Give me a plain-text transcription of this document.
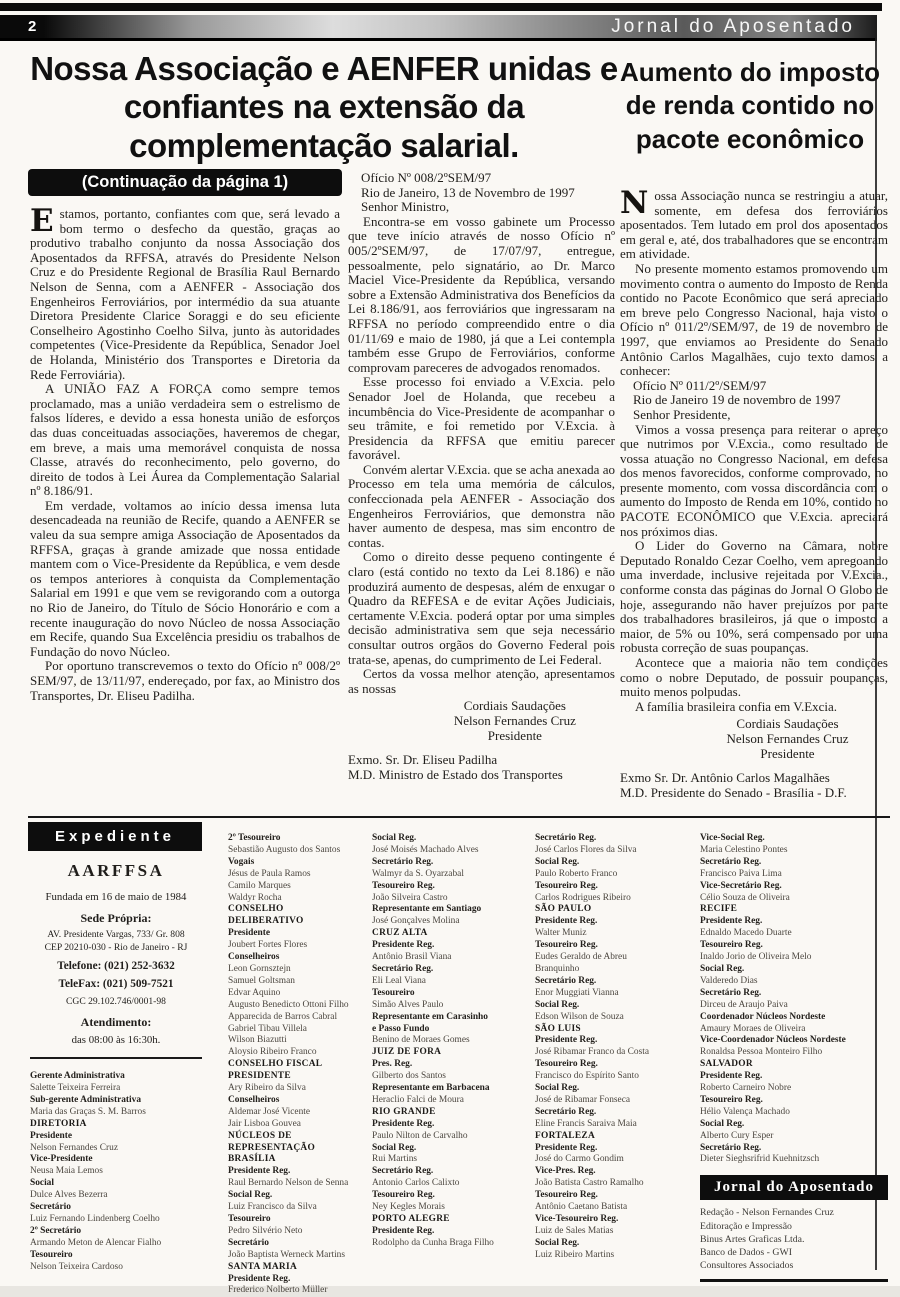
2	Jornal do Aposentado
Nossa Associação e AENFER unidas e confiantes na extensão da complementação salarial.
Aumento do imposto de renda contido no pacote econômico
(Continuação da página 1)

Estamos, portanto, confiantes com que, será levado a bom termo o desfecho da questão, graças ao produtivo trabalho conjunto da nossa Associação dos Aposentados da RFFSA, através do Presidente Nelson Cruz e do Presidente Regional de Brasília Raul Bernardo Nelson de Senna, com a AENFER - Associação dos Engenheiros Ferroviários, por intermédio da sua atuante Diretora Presidente Clarice Soraggi e do seu eficiente Conselheiro Agostinho Coelho Silva, junto às autoridades competentes (Vice-Presidente da República, Senador Joel de Holanda, Ministério dos Transportes e Diretoria da Rede Ferroviária).

A UNIÃO FAZ A FORÇA como sempre temos proclamado, mas a união verdadeira sem o estrelismo de falsos líderes, e devido a essa honesta união de esforços das duas conceituadas associações, haveremos de chegar, em breve, a mais uma memorável conquista de nossa Classe, através do reconhecimento, pelo governo, do direito de todos à Lei Áurea da Complementação Salarial nº 8.186/91.

Em verdade, voltamos ao início dessa imensa luta desencadeada na reunião de Recife, quando a AENFER se valeu da sua sempre amiga Associação de Aposentados da RFFSA, graças à grande amizade que nossa entidade mantem com o Vice-Presidente da República, e vem desde os tempos anteriores à conquista da Complementação Salarial em 1991 e que vem se revigorando com a outorga no Rio de Janeiro, do Título de Sócio Honorário e com a recente inauguração do novo Núcleo de nossa Associação em Recife, quando Sua Excelência presidiu os trabalhos de Fundação do novo Núcleo.

Por oportuno transcrevemos o texto do Ofício nº 008/2º SEM/97, de 13/11/97, endereçado, por fax, ao Ministro dos Transportes, Dr. Eliseu Padilha.

Ofício Nº 008/2ºSEM/97

Rio de Janeiro, 13 de Novembro de 1997

Senhor Ministro,

Encontra-se em vosso gabinete um Processo que teve início através de nosso Ofício nº 005/2ºSEM/97, de 17/07/97, entregue, pessoalmente, pelo signatário, ao Dr. Marco Maciel Vice-Presidente da República, versando sobre a Extensão Administrativa dos Benefícios da Lei 8.186/91, aos ferroviários que ingressaram na RFFSA no período compreendido entre o dia 01/11/69 e maio de 1980, já que a Lei contempla também esse Grupo de Ferroviários, conforme comprovam pareceres de advogados renomados.

Esse processo foi enviado a V.Excia. pelo Senador Joel de Holanda, que recebeu a incumbência do Vice-Presidente de acompanhar o seu trâmite, e foi remetido por V.Excia. à Presidencia da RFFSA que emitiu parecer favorável.

Convém alertar V.Excia. que se acha anexada ao Processo em tela uma memória de cálculos, confeccionada pela AENFER - Associação dos Engenheiros Ferroviários, que demonstra não haver aumento de despesa, mas sim encontro de contas.

Como o direito desse pequeno contingente é claro (está contido no texto da Lei 8.186) e não produzirá aumento de despesas, além de enxugar o Quadro da REFESA e de evitar Ações Judiciais, certamente V.Excia. poderá optar por uma simples decisão administrativa sem que seja necessário consultar outros orgãos do Governo Federal pois trata-se, apenas, do cumprimento de Lei Federal.

Certos da vossa melhor atenção, apresentamos as nossas

Cordiais Saudações

Nelson Fernandes Cruz

Presidente

Exmo. Sr. Dr. Eliseu Padilha

M.D. Ministro de Estado dos Transportes

Nossa Associação nunca se restringiu a atuar, somente, em defesa dos ferroviários aposentados. Tem lutado em prol dos aposentados em geral e, até, dos trabalhadores que se encontram em atividade.

No presente momento estamos promovendo um movimento contra o aumento do Imposto de Renda contido no Pacote Econômico que será apreciado em breve pelo Congresso Nacional, haja visto o Ofício nº 011/2º/SEM/97, de 19 de novembro de 1997, que enviamos ao Presidente do Senado Antônio Carlos Magalhães, cujo texto damos a conhecer:

Ofício Nº 011/2º/SEM/97

Rio de Janeiro 19 de novembro de 1997

Senhor Presidente,

Vimos a vossa presença para reiterar o apreço que nutrimos por V.Excia., como resultado de vossa atuação no Congresso Nacional, em defesa dos menos favorecidos, conforme comprovado, no presente momento, com vossa discordância com o aumento do Imposto de Renda em 10%, contido no PACOTE ECONÔMICO que V.Excia. apreciará nos próximos dias.

O Lider do Governo na Câmara, nobre Deputado Ronaldo Cezar Coelho, vem apregoando uma inverdade, inclusive rejeitada por V.Excia., conforme consta das páginas do Jornal O Globo de hoje, assegurando não haver prejuízos por parte dos trabalhadores brasileiros, já que o imposto a maior, de 5% ou 10%, será compensado por uma robusta correção de suas poupanças.

Acontece que a maioria não tem condições como o nobre Deputado, de possuir poupanças, muito menos polpudas.

A família brasileira confia em V.Excia.

Cordiais Saudações

Nelson Fernandes Cruz

Presidente

Exmo Sr. Dr. Antônio Carlos Magalhães

M.D. Presidente do Senado - Brasília - D.F.

Expediente
AARFFSA
Fundada em 16 de maio de 1984
Sede Própria:
AV. Presidente Vargas, 733/ Gr. 808
CEP 20210-030 - Rio de Janeiro - RJ
Telefone: (021) 252-3632
TeleFax: (021) 509-7521
CGC 29.102.746/0001-98
Atendimento:
das 08:00 às 16:30h.
Gerente Administrativa
Salette Teixeira Ferreira
Sub-gerente Administrativa
Maria das Graças S. M. Barros
DIRETORIA
Presidente
Nelson Fernandes Cruz
Vice-Presidente
Neusa Maia Lemos
Social
Dulce Alves Bezerra
Secretário
Luiz Fernando Lindenberg Coelho
2º Secretário
Armando Meton de Alencar Fialho
Tesoureiro
Nelson Teixeira Cardoso
2º Tesoureiro
Sebastião Augusto dos Santos
Vogais
Jésus de Paula Ramos
Camilo Marques
Waldyr Rocha
CONSELHO
DELIBERATIVO
Presidente
Joubert Fortes Flores
Conselheiros
Leon Gornsztejn
Samuel Goltsman
Edvar Aquino
Augusto Benedicto Ottoni Filho
Apparecida de Barros Cabral
Gabriel Tibau Villela
Wilson Biazutti
Aloysio Ribeiro Franco
CONSELHO FISCAL
PRESIDENTE
Ary Ribeiro da Silva
Conselheiros
Aldemar José Vicente
Jair Lisboa Gouvea
NÚCLEOS DE
REPRESENTAÇÃO
BRASÍLIA
Presidente Reg.
Raul Bernardo Nelson de Senna
Social Reg.
Luiz Francisco da Silva
Tesoureiro
Pedro Silvério Neto
Secretário
João Baptista Werneck Martins
SANTA MARIA
Presidente Reg.
Frederico Nolberto Müller
Social Reg.
José Moisés Machado Alves
Secretário Reg.
Walmyr da S. Oyarzabal
Tesoureiro Reg.
João Silveira Castro
Representante em Santiago
José Gonçalves Molina
CRUZ ALTA
Presidente Reg.
Antônio Brasil Viana
Secretário Reg.
Eli Leal Viana
Tesoureiro
Simão Alves Paulo
Representante em Carasinho
e Passo Fundo
Benino de Moraes Gomes
JUIZ DE FORA
Pres. Reg.
Gilberto dos Santos
Representante em Barbacena
Heraclio Falci de Moura
RIO GRANDE
Presidente Reg.
Paulo Nilton de Carvalho
Social Reg.
Rui Martins
Secretário Reg.
Antonio Carlos Calixto
Tesoureiro Reg.
Ney Kegles Morais
PORTO ALEGRE
Presidente Reg.
Rodolpho da Cunha Braga Filho
Secretário Reg.
José Carlos Flores da Silva
Social Reg.
Paulo Roberto Franco
Tesoureiro Reg.
Carlos Rodrigues Ribeiro
SÃO PAULO
Presidente Reg.
Walter Muniz
Tesoureiro Reg.
Eudes Geraldo de Abreu
Branquinho
Secretário Reg.
Enor Muggiati Vianna
Social Reg.
Edson Wilson de Souza
SÃO LUIS
Presidente Reg.
José Ribamar Franco da Costa
Tesoureiro Reg.
Francisco do Espírito Santo
Social Reg.
José de Ribamar Fonseca
Secretário Reg.
Eline Francis Saraiva Maia
FORTALEZA
Presidente Reg.
José do Carmo Gondim
Vice-Pres. Reg.
João Batista Castro Ramalho
Tesoureiro Reg.
Antônio Caetano Batista
Vice-Tesoureiro Reg.
Luiz de Sales Matias
Social Reg.
Luiz Ribeiro Martins
Vice-Social Reg.
Maria Celestino Pontes
Secretário Reg.
Francisco Paiva Lima
Vice-Secretário Reg.
Célio Souza de Oliveira
RECIFE
Presidente Reg.
Ednaldo Macedo Duarte
Tesoureiro Reg.
Inaldo Jorio de Oliveira Melo
Social Reg.
Valderedo Dias
Secretário Reg.
Dirceu de Araujo Paiva
Coordenador Núcleos Nordeste
Amaury Moraes de Oliveira
Vice-Coordenador Núcleos Nordeste
Ronaldsa Pessoa Monteiro Filho
SALVADOR
Presidente Reg.
Roberto Carneiro Nobre
Tesoureiro Reg.
Hélio Valença Machado
Social Reg.
Alberto Cury Esper
Secretário Reg.
Dieter Sieghsrifrid Kuehnitzsch
Jornal do Aposentado
Redação - Nelson Fernandes Cruz
Editoração e Impressão
Binus Artes Graficas Ltda.
Banco de Dados - GWI
Consultores Associados
